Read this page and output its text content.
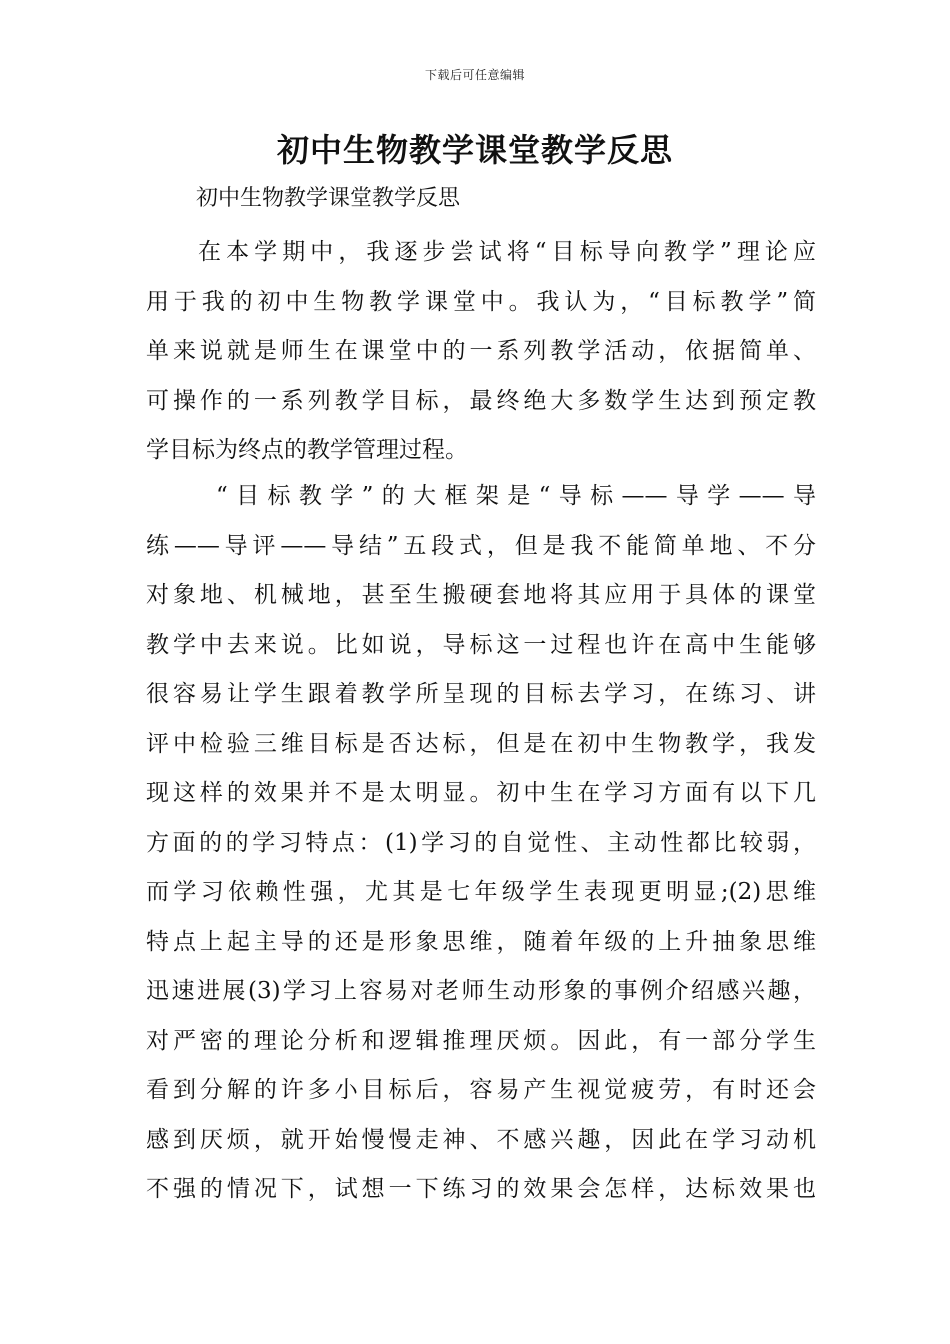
下载后可任意编辑
初中生物教学课堂教学反思
初中生物教学课堂教学反思
在本学期中，我逐步尝试将“目标导向教学”理论应
用于我的初中生物教学课堂中。我认为，“目标教学”简
单来说就是师生在课堂中的一系列教学活动，依据简单、
可操作的一系列教学目标，最终绝大多数学生达到预定教
学目标为终点的教学管理过程。
“目标教学”的大框架是“导标——导学——导
练——导评——导结”五段式，但是我不能简单地、不分
对象地、机械地，甚至生搬硬套地将其应用于具体的课堂
教学中去来说。比如说，导标这一过程也许在高中生能够
很容易让学生跟着教学所呈现的目标去学习，在练习、讲
评中检验三维目标是否达标，但是在初中生物教学，我发
现这样的效果并不是太明显。初中生在学习方面有以下几
方面的的学习特点：(1)学习的自觉性、主动性都比较弱，
而学习依赖性强，尤其是七年级学生表现更明显;(2)思维
特点上起主导的还是形象思维，随着年级的上升抽象思维
迅速进展(3)学习上容易对老师生动形象的事例介绍感兴趣，
对严密的理论分析和逻辑推理厌烦。因此，有一部分学生
看到分解的许多小目标后，容易产生视觉疲劳，有时还会
感到厌烦，就开始慢慢走神、不感兴趣，因此在学习动机
不强的情况下，试想一下练习的效果会怎样，达标效果也
